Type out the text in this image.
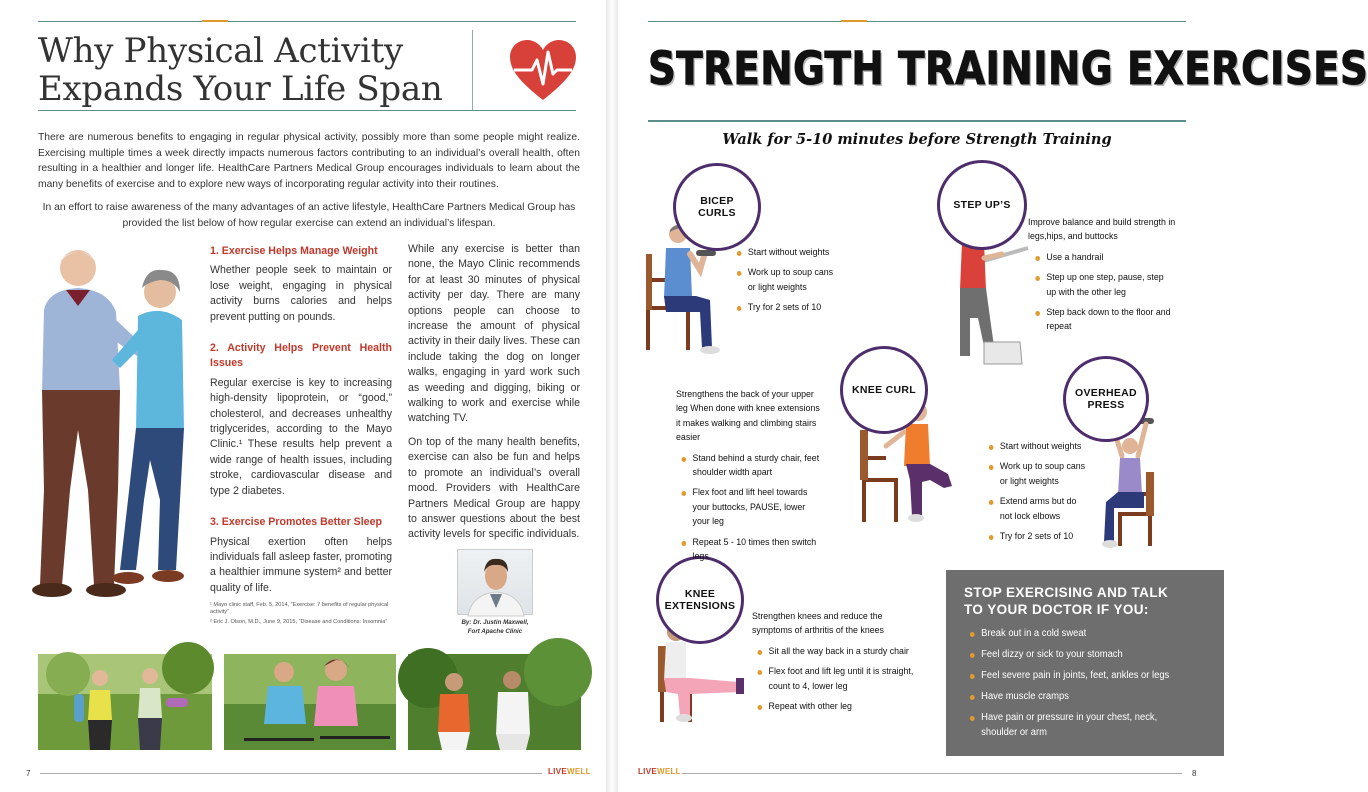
Why Physical Activity
Expands Your Life Span
There are numerous benefits to engaging in regular physical activity, possibly more than some people might realize. Exercising multiple times a week directly impacts numerous factors contributing to an individual’s overall health, often resulting in a healthier and longer life. HealthCare Partners Medical Group encourages individuals to learn about the many benefits of exercise and to explore new ways of incorporating regular activity into their routines.
In an effort to raise awareness of the many advantages of an active lifestyle, HealthCare Partners Medical Group has provided the list below of how regular exercise can extend an individual’s lifespan.
1. Exercise Helps Manage Weight
Whether people seek to maintain or lose weight, engaging in physical activity burns calories and helps prevent putting on pounds.
2. Activity Helps Prevent Health Issues
Regular exercise is key to increasing high-density lipoprotein, or “good,” cholesterol, and decreases unhealthy triglycerides, according to the Mayo Clinic.¹ These results help prevent a wide range of health issues, including stroke, cardiovascular disease and type 2 diabetes.
3. Exercise Promotes Better Sleep
Physical exertion often helps individuals fall asleep faster, promoting a healthier immune system² and better quality of life.

While any exercise is better than none, the Mayo Clinic recommends for at least 30 minutes of physical activity per day. There are many options people can choose to increase the amount of physical activity in their daily lives. These can include taking the dog on longer walks, engaging in yard work such as weeding and digging, biking or walking to work and exercise while watching TV.

On top of the many health benefits, exercise can also be fun and helps to promote an individual’s overall mood. Providers with HealthCare Partners Medical Group are happy to answer questions about the best activity levels for specific individuals.

¹ Mayo clinic staff, Feb. 5, 2014, “Exercise: 7 benefits of regular physical activity”
² Eric J. Olson, M.D., June 9, 2015, “Disease and Conditions: Insomnia”	By: Dr. Justin Maxwell,
Fort Apache Clinic
7	LIVEWELL
STRENGTH TRAINING EXERCISES
Walk for 5-10 minutes before Strength Training
BICEP
CURLS
STEP UP’S
KNEE CURL	OVERHEAD
PRESS
KNEE
EXTENSIONS
Start without weights
Work up to soup cans or light weights
Try for 2 sets of 10
Improve balance and build strength in legs,hips, and buttocks
Use a handrail
Step up one step, pause, step up with the other leg
Step back down to the floor and repeat
Strengthens the back of your upper leg When done with knee extensions it makes walking and climbing stairs easier
Stand behind a sturdy chair, feet shoulder width apart
Flex foot and lift heel towards your buttocks, PAUSE, lower your leg
Repeat 5 - 10 times then switch legs
Start without weights
Work up to soup cans or light weights
Extend arms but do not lock elbows
Try for 2 sets of 10
Strengthen knees and reduce the symptoms of arthritis of the knees
Sit all the way back in a sturdy chair
Flex foot and lift leg until it is straight, count to 4, lower leg
Repeat with other leg
STOP EXERCISING AND TALK
TO YOUR DOCTOR IF YOU:
Break out in a cold sweat
Feel dizzy or sick to your stomach
Feel severe pain in joints, feet, ankles or legs
Have muscle cramps
Have pain or pressure in your chest, neck, shoulder or arm
LIVEWELL	8
